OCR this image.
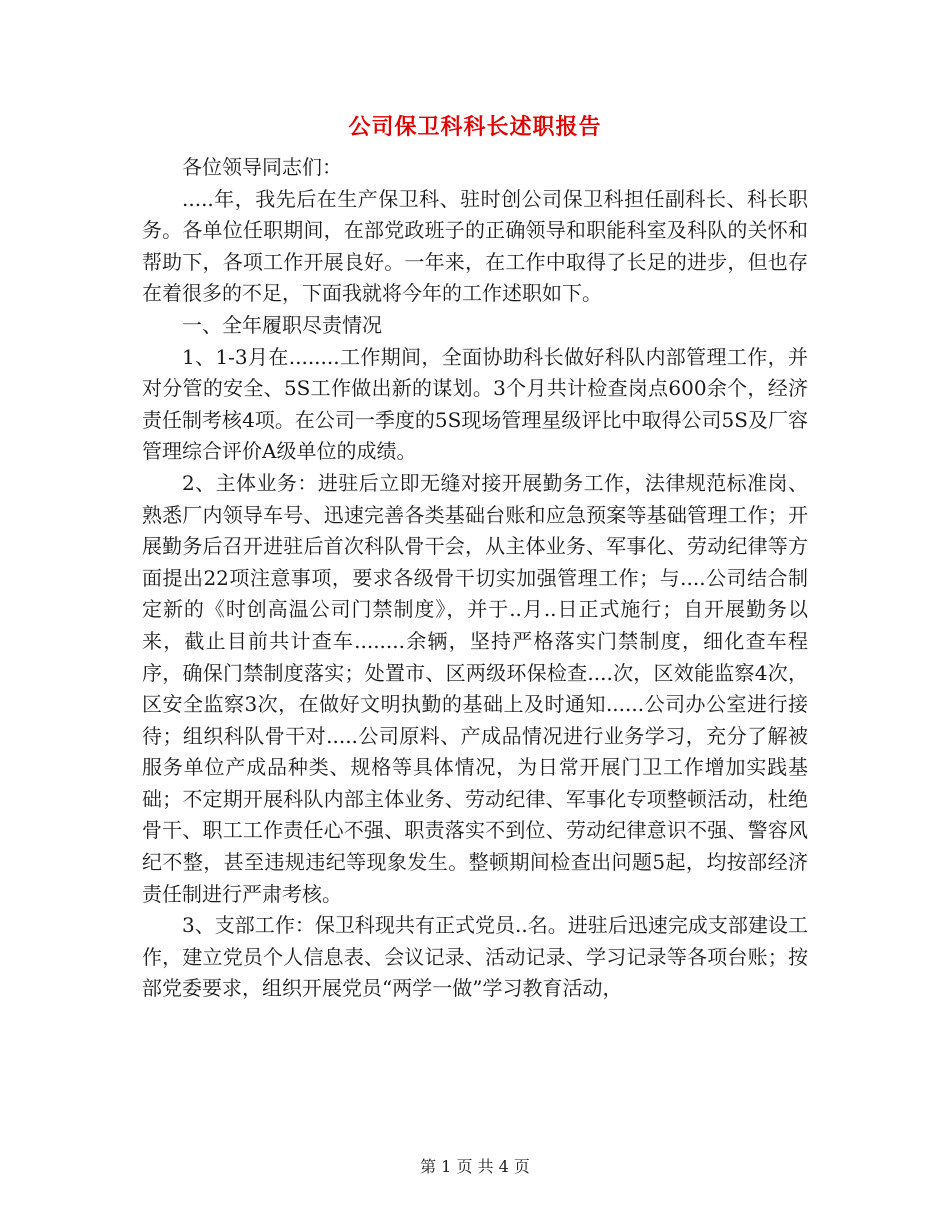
公司保卫科科长述职报告

各位领导同志们：

.....年，我先后在生产保卫科、驻时创公司保卫科担任副科长、科长职务。各单位任职期间，在部党政班子的正确领导和职能科室及科队的关怀和帮助下，各项工作开展良好。一年来，在工作中取得了长足的进步，但也存在着很多的不足，下面我就将今年的工作述职如下。

一、全年履职尽责情况

1、1-3月在........工作期间，全面协助科长做好科队内部管理工作，并对分管的安全、5S工作做出新的谋划。3个月共计检查岗点600余个，经济责任制考核4项。在公司一季度的5S现场管理星级评比中取得公司5S及厂容管理综合评价A级单位的成绩。

2、主体业务：进驻后立即无缝对接开展勤务工作，法律规范标准岗、熟悉厂内领导车号、迅速完善各类基础台账和应急预案等基础管理工作；开展勤务后召开进驻后首次科队骨干会，从主体业务、军事化、劳动纪律等方面提出22项注意事项，要求各级骨干切实加强管理工作；与....公司结合制定新的《时创高温公司门禁制度》，并于..月..日正式施行；自开展勤务以来，截止目前共计查车........余辆，坚持严格落实门禁制度，细化查车程序，确保门禁制度落实；处置市、区两级环保检查....次，区效能监察4次，区安全监察3次，在做好文明执勤的基础上及时通知......公司办公室进行接待；组织科队骨干对.....公司原料、产成品情况进行业务学习，充分了解被服务单位产成品种类、规格等具体情况，为日常开展门卫工作增加实践基础；不定期开展科队内部主体业务、劳动纪律、军事化专项整顿活动，杜绝骨干、职工工作责任心不强、职责落实不到位、劳动纪律意识不强、警容风纪不整，甚至违规违纪等现象发生。整顿期间检查出问题5起，均按部经济责任制进行严肃考核。

3、支部工作：保卫科现共有正式党员..名。进驻后迅速完成支部建设工作，建立党员个人信息表、会议记录、活动记录、学习记录等各项台账；按部党委要求，组织开展党员“两学一做”学习教育活动，

第 1 页 共 4 页
